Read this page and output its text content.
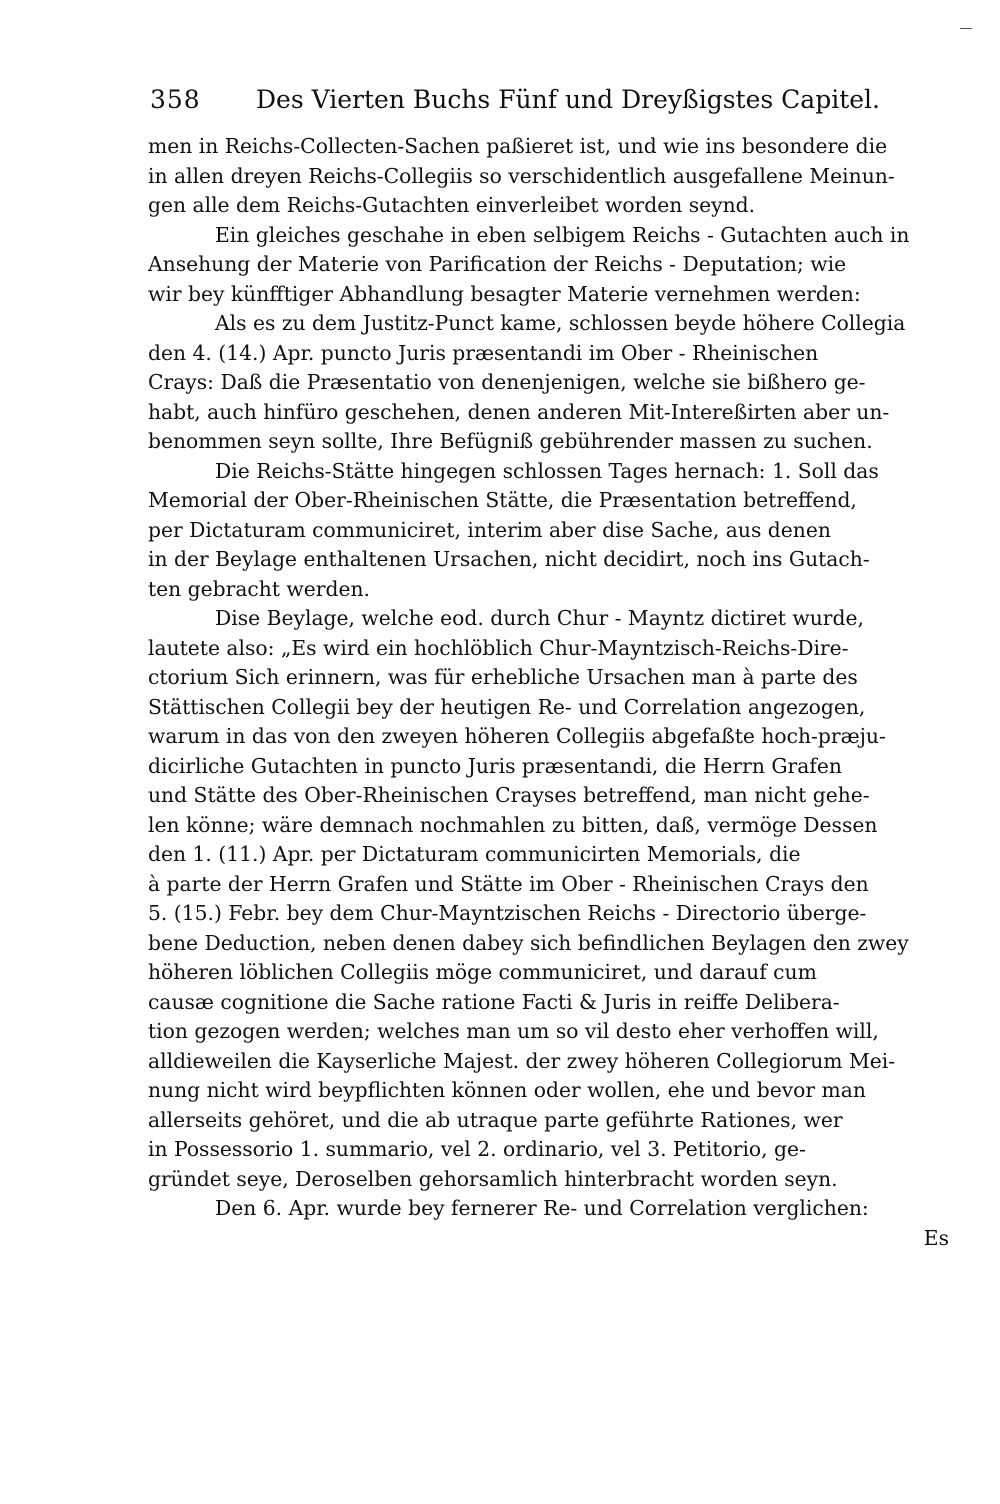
358	Des Vierten Buchs Fünf und Dreyßigstes Capitel.
men in Reichs-Collecten-Sachen paßieret ist, und wie ins besondere die
in allen dreyen Reichs-Collegiis so verschidentlich ausgefallene Meinun-
gen alle dem Reichs-Gutachten einverleibet worden seynd.
Ein gleiches geschahe in eben selbigem Reichs - Gutachten auch in
Ansehung der Materie von Parification der Reichs - Deputation; wie
wir bey künfftiger Abhandlung besagter Materie vernehmen werden:
Als es zu dem Justitz-Punct kame, schlossen beyde höhere Collegia
den 4. (14.) Apr. puncto Juris præsentandi im Ober - Rheinischen
Crays: Daß die Præsentatio von denenjenigen, welche sie bißhero ge-
habt, auch hinfüro geschehen, denen anderen Mit-Intereßirten aber un-
benommen seyn sollte, Ihre Befügniß gebührender massen zu suchen.
Die Reichs-Stätte hingegen schlossen Tages hernach: 1. Soll das
Memorial der Ober-Rheinischen Stätte, die Præsentation betreffend,
per Dictaturam communiciret, interim aber dise Sache, aus denen
in der Beylage enthaltenen Ursachen, nicht decidirt, noch ins Gutach-
ten gebracht werden.
Dise Beylage, welche eod. durch Chur - Mayntz dictiret wurde,
lautete also: „Es wird ein hochlöblich Chur-Mayntzisch-Reichs-Dire-
ctorium Sich erinnern, was für erhebliche Ursachen man à parte des
Stättischen Collegii bey der heutigen Re- und Correlation angezogen,
warum in das von den zweyen höheren Collegiis abgefaßte hoch-præju-
dicirliche Gutachten in puncto Juris præsentandi, die Herrn Grafen
und Stätte des Ober-Rheinischen Crayses betreffend, man nicht gehe-
len könne; wäre demnach nochmahlen zu bitten, daß, vermöge Dessen
den 1. (11.) Apr. per Dictaturam communicirten Memorials, die
à parte der Herrn Grafen und Stätte im Ober - Rheinischen Crays den
5. (15.) Febr. bey dem Chur-Mayntzischen Reichs - Directorio überge-
bene Deduction, neben denen dabey sich befindlichen Beylagen den zwey
höheren löblichen Collegiis möge communiciret, und darauf cum
causæ cognitione die Sache ratione Facti & Juris in reiffe Delibera-
tion gezogen werden; welches man um so vil desto eher verhoffen will,
alldieweilen die Kayserliche Majest. der zwey höheren Collegiorum Mei-
nung nicht wird beypflichten können oder wollen, ehe und bevor man
allerseits gehöret, und die ab utraque parte geführte Rationes, wer
in Possessorio 1. summario, vel 2. ordinario, vel 3. Petitorio, ge-
gründet seye, Deroselben gehorsamlich hinterbracht worden seyn.
Den 6. Apr. wurde bey fernerer Re- und Correlation verglichen:
Es
